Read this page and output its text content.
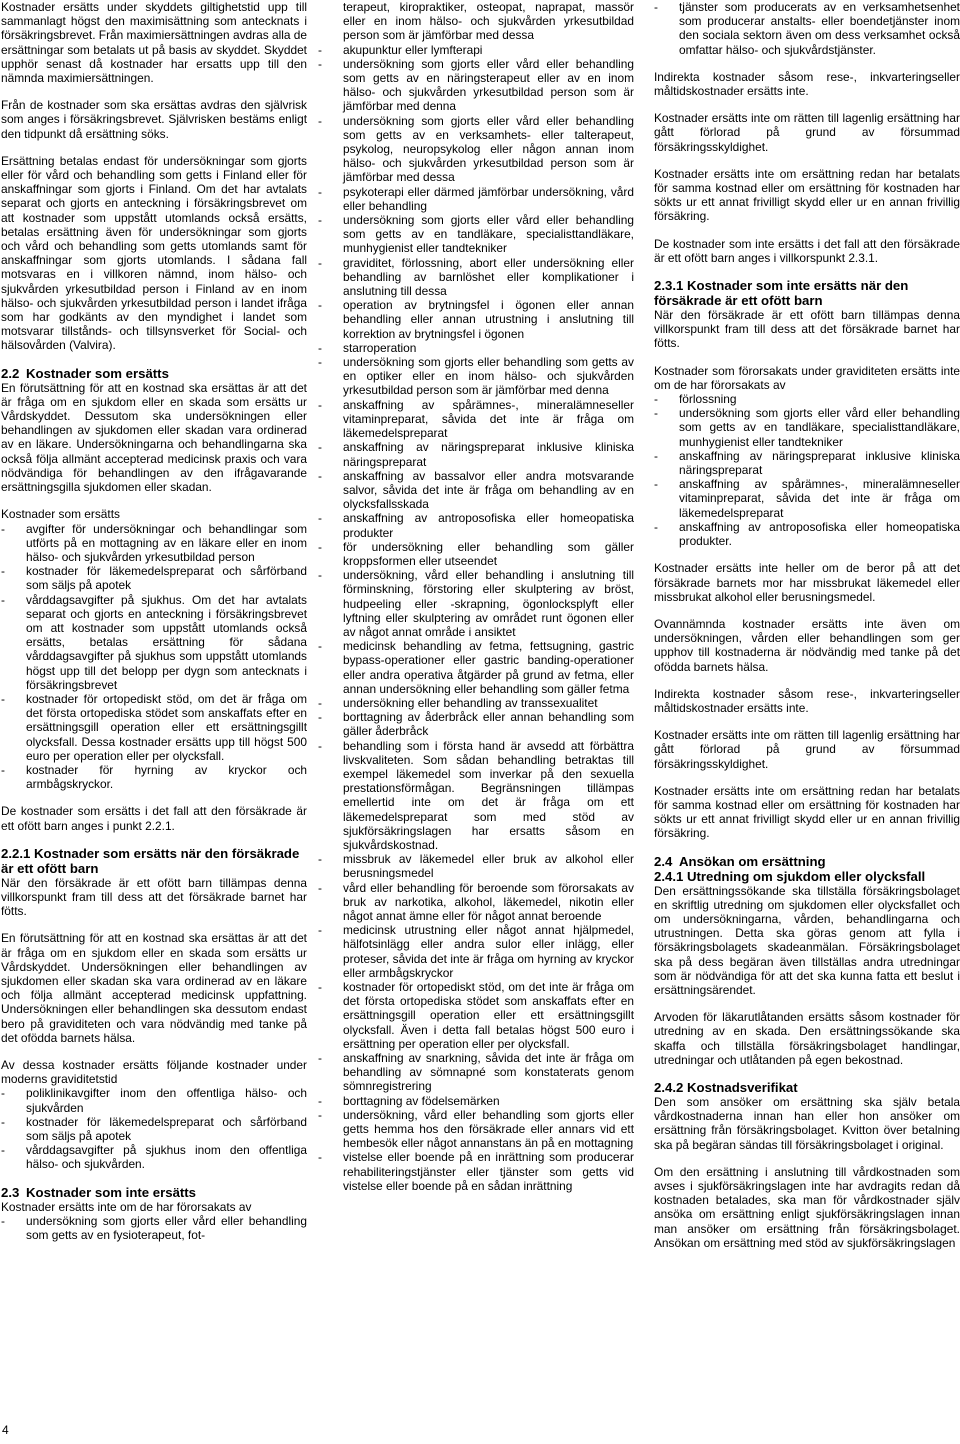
Kostnader ersätts under skyddets giltighetstid upp till sammanlagt högst den maximisättning som antecknats i försäkringsbrevet. Från maximiersättningen avdras alla de ersättningar som betalats ut på basis av skyddet. Skyddet upphör senast då kostnader har ersatts upp till den nämnda maximiersättningen.

Från de kostnader som ska ersättas avdras den självrisk som anges i försäkringsbrevet. Självrisken bestäms enligt den tidpunkt då ersättning söks.

Ersättning betalas endast för undersökningar som gjorts eller för vård och behandling som getts i Finland eller för anskaffningar som gjorts i Finland. Om det har avtalats separat och gjorts en anteckning i försäkringsbrevet om att kostnader som uppstått utomlands också ersätts, betalas ersättning även för undersökningar som gjorts och vård och behandling som getts utomlands samt för anskaffningar som gjorts utomlands. I sådana fall motsvaras en i villkoren nämnd, inom hälso- och sjukvården yrkesutbildad person i Finland av en inom hälso- och sjukvården yrkesutbildad person i landet ifråga som har godkänts av den myndighet i landet som motsvarar tillstånds- och tillsynsverket för Social- och hälsovården (Valvira).

2.2 Kostnader som ersätts

En förutsättning för att en kostnad ska ersättas är att det är fråga om en sjukdom eller en skada som ersätts ur Vårdskyddet. Dessutom ska undersökningen eller behandlingen av sjukdomen eller skadan vara ordinerad av en läkare. Undersökningarna och behandlingarna ska också följa allmänt accepterad medicinsk praxis och vara nödvändiga för behandlingen av den ifrågavarande ersättningsgilla sjukdomen eller skadan.

Kostnader som ersätts

- avgifter för undersökningar och behandlingar som utförts på en mottagning av en läkare eller en inom hälso- och sjukvården yrkesutbildad person
- kostnader för läkemedelspreparat och sårförband som säljs på apotek
- vårddagsavgifter på sjukhus. Om det har avtalats separat och gjorts en anteckning i försäkringsbrevet om att kostnader som uppstått utomlands också ersätts, betalas ersättning för sådana vårddagsavgifter på sjukhus som uppstått utomlands högst upp till det belopp per dygn som antecknats i försäkringsbrevet
- kostnader för ortopediskt stöd, om det är fråga om det första ortopediska stödet som anskaffats efter en ersättningsgill operation eller ett ersättningsgillt olycksfall. Dessa kostnader ersätts upp till högst 500 euro per operation eller per olycksfall.
- kostnader för hyrning av kryckor och armbågskryckor.

De kostnader som ersätts i det fall att den försäkrade är ett ofött barn anges i punkt 2.2.1.

2.2.1 Kostnader som ersätts när den försäkrade är ett ofött barn

När den försäkrade är ett ofött barn tillämpas denna villkorspunkt fram till dess att det försäkrade barnet har fötts.

En förutsättning för att en kostnad ska ersättas är att det är fråga om en sjukdom eller en skada som ersätts ur Vårdskyddet. Undersökningen eller behandlingen av sjukdomen eller skadan ska vara ordinerad av en läkare och följa allmänt accepterad medicinsk uppfattning. Undersökningen eller behandlingen ska dessutom endast bero på graviditeten och vara nödvändig med tanke på det ofödda barnets hälsa.

Av dessa kostnader ersätts följande kostnader under moderns graviditetstid

- poliklinikavgifter inom den offentliga hälso- och sjukvården
- kostnader för läkemedelspreparat och sårförband som säljs på apotek
- vårddagsavgifter på sjukhus inom den offentliga hälso- och sjukvården.
2.3 Kostnader som inte ersätts

Kostnader ersätts inte om de har förorsakats av

- undersökning som gjorts eller vård eller behandling som getts av en fysioterapeut, fot-

terapeut, kiropraktiker, osteopat, naprapat, massör eller en inom hälso- och sjukvården yrkesutbildad person som är jämförbar med dessa

- akupunktur eller lymfterapi
- undersökning som gjorts eller vård eller behandling som getts av en näringsterapeut eller av en inom hälso- och sjukvården yrkesutbildad person som är jämförbar med denna
- undersökning som gjorts eller vård eller behandling som getts av en verksamhets- eller talterapeut, psykolog, neuropsykolog eller någon annan inom hälso- och sjukvården yrkesutbildad person som är jämförbar med dessa
- psykoterapi eller därmed jämförbar undersökning, vård eller behandling
- undersökning som gjorts eller vård eller behandling som getts av en tandläkare, specialisttandläkare, munhygienist eller tandtekniker
- graviditet, förlossning, abort eller undersökning eller behandling av barnlöshet eller komplikationer i anslutning till dessa
- operation av brytningsfel i ögonen eller annan behandling eller annan utrustning i anslutning till korrektion av brytningsfel i ögonen
- starroperation
- undersökning som gjorts eller behandling som getts av en optiker eller en inom hälso- och sjukvården yrkesutbildad person som är jämförbar med denna
- anskaffning av spårämnes-, mineralämneseller vitaminpreparat, såvida det inte är fråga om läkemedelspreparat
- anskaffning av näringspreparat inklusive kliniska näringspreparat
- anskaffning av bassalvor eller andra motsvarande salvor, såvida det inte är fråga om behandling av en olycksfallsskada
- anskaffning av antroposofiska eller homeopatiska produkter
- för undersökning eller behandling som gäller kroppsformen eller utseendet
- undersökning, vård eller behandling i anslutning till förminskning, förstoring eller skulptering av bröst, hudpeeling eller -skrapning, ögonlocksplyft eller lyftning eller skulptering av området runt ögonen eller av något annat område i ansiktet
- medicinsk behandling av fetma, fettsugning, gastric bypass-operationer eller gastric banding-operationer eller andra operativa åtgärder på grund av fetma, eller annan undersökning eller behandling som gäller fetma
- undersökning eller behandling av transsexualitet
- borttagning av åderbråck eller annan behandling som gäller åderbråck
- behandling som i första hand är avsedd att förbättra livskvaliteten. Som sådan behandling betraktas till exempel läkemedel som inverkar på den sexuella prestationsförmågan. Begränsningen tillämpas emellertid inte om det är fråga om ett läkemedelspreparat som med stöd av sjukförsäkringslagen har ersatts såsom en sjukvårdskostnad.
- missbruk av läkemedel eller bruk av alkohol eller berusningsmedel
- vård eller behandling för beroende som förorsakats av bruk av narkotika, alkohol, läkemedel, nikotin eller något annat ämne eller för något annat beroende
- medicinsk utrustning eller något annat hjälpmedel, hälfotsinlägg eller andra sulor eller inlägg, eller proteser, såvida det inte är fråga om hyrning av kryckor eller armbågskryckor
- kostnader för ortopediskt stöd, om det inte är fråga om det första ortopediska stödet som anskaffats efter en ersättningsgill operation eller ett ersättningsgillt olycksfall. Även i detta fall betalas högst 500 euro i ersättning per operation eller per olycksfall.
- anskaffning av snarkning, såvida det inte är fråga om behandling av sömnapné som konstaterats genom sömnregistrering
- borttagning av födelsemärken
- undersökning, vård eller behandling som gjorts eller getts hemma hos den försäkrade eller annars vid ett hembesök eller något annanstans än på en mottagning
- vistelse eller boende på en inrättning som producerar rehabiliteringstjänster eller tjänster som getts vid vistelse eller boende på en sådan inrättning
- tjänster som producerats av en verksamhetsenhet som producerar anstalts- eller boendetjänster inom den sociala sektorn även om dess verksamhet också omfattar hälso- och sjukvårdstjänster.

Indirekta kostnader såsom rese-, inkvarteringseller måltidskostnader ersätts inte.

Kostnader ersätts inte om rätten till lagenlig ersättning har gått förlorad på grund av försummad försäkringsskyldighet.

Kostnader ersätts inte om ersättning redan har betalats för samma kostnad eller om ersättning för kostnaden har sökts ur ett annat frivilligt skydd eller ur en annan frivillig försäkring.

De kostnader som inte ersätts i det fall att den försäkrade är ett ofött barn anges i villkorspunkt 2.3.1.

2.3.1 Kostnader som inte ersätts när den försäkrade är ett ofött barn

När den försäkrade är ett ofött barn tillämpas denna villkorspunkt fram till dess att det försäkrade barnet har fötts.

Kostnader som förorsakats under graviditeten ersätts inte om de har förorsakats av

- förlossning
- undersökning som gjorts eller vård eller behandling som getts av en tandläkare, specialisttandläkare, munhygienist eller tandtekniker
- anskaffning av näringspreparat inklusive kliniska näringspreparat
- anskaffning av spårämnes-, mineralämneseller vitaminpreparat, såvida det inte är fråga om läkemedelspreparat
- anskaffning av antroposofiska eller homeopatiska produkter.

Kostnader ersätts inte heller om de beror på att det försäkrade barnets mor har missbrukat läkemedel eller missbrukat alkohol eller berusningsmedel.

Ovannämnda kostnader ersätts inte även om undersökningen, vården eller behandlingen som ger upphov till kostnaderna är nödvändig med tanke på det ofödda barnets hälsa.

Indirekta kostnader såsom rese-, inkvarteringseller måltidskostnader ersätts inte.

Kostnader ersätts inte om rätten till lagenlig ersättning har gått förlorad på grund av försummad försäkringsskyldighet.

Kostnader ersätts inte om ersättning redan har betalats för samma kostnad eller om ersättning för kostnaden har sökts ur ett annat frivilligt skydd eller ur en annan frivillig försäkring.

2.4 Ansökan om ersättning
2.4.1 Utredning om sjukdom eller olycksfall

Den ersättningssökande ska tillställa försäkringsbolaget en skriftlig utredning om sjukdomen eller olycksfallet och om undersökningarna, vården, behandlingarna och utrustningen. Detta ska göras genom att fylla i försäkringsbolagets skadeanmälan. Försäkringsbolaget ska på dess begäran även tillställas andra utredningar som är nödvändiga för att det ska kunna fatta ett beslut i ersättningsärendet.

Arvoden för läkarutlåtanden ersätts såsom kostnader för utredning av en skada. Den ersättningssökande ska skaffa och tillställa försäkringsbolaget handlingar, utredningar och utlåtanden på egen bekostnad.

2.4.2 Kostnadsverifikat

Den som ansöker om ersättning ska själv betala vårdkostnaderna innan han eller hon ansöker om ersättning från försäkringsbolaget. Kvitton över betalning ska på begäran sändas till försäkringsbolaget i original.

Om den ersättning i anslutning till vårdkostnaden som avses i sjukförsäkringslagen inte har avdragits redan då kostnaden betalades, ska man för vårdkostnader själv ansöka om ersättning enligt sjukförsäkringslagen innan man ansöker om ersättning från försäkringsbolaget. Ansökan om ersättning med stöd av sjukförsäkringslagen

4
